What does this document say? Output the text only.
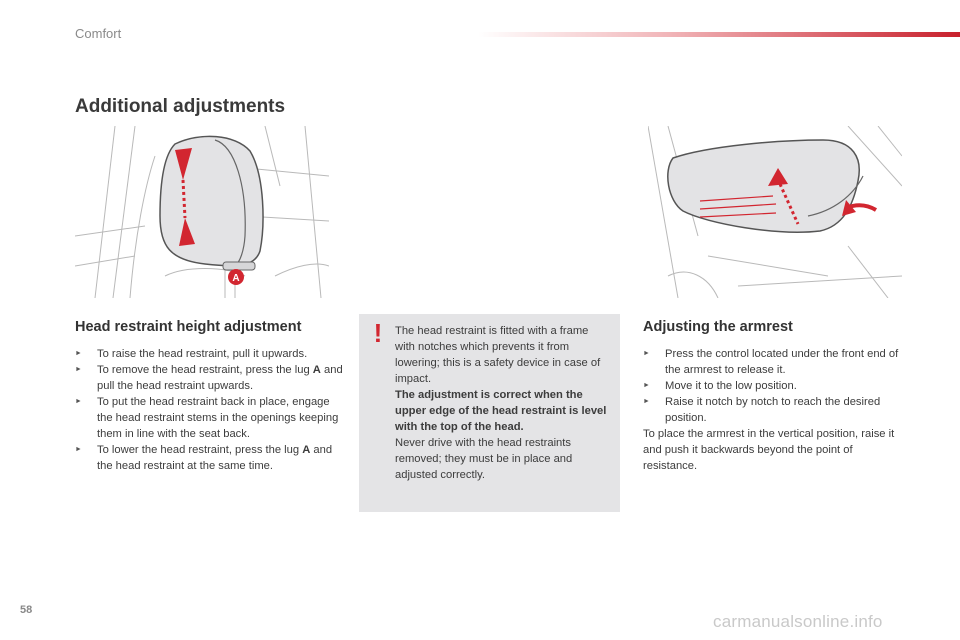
Comfort
Additional adjustments
A
Head restraint height adjustment
► To raise the head restraint, pull it upwards.
► To remove the head restraint, press the lug A and pull the head restraint upwards.
► To put the head restraint back in place, engage the head restraint stems in the openings keeping them in line with the seat back.
► To lower the head restraint, press the lug A and the head restraint at the same time.
!	The head restraint is fitted with a frame with notches which prevents it from lowering; this is a safety device in case of impact.

The adjustment is correct when the upper edge of the head restraint is level with the top of the head.

Never drive with the head restraints removed; they must be in place and adjusted correctly.

Adjusting the armrest
► Press the control located under the front end of the armrest to release it.
► Move it to the low position.
► Raise it notch by notch to reach the desired position.
To place the armrest in the vertical position, raise it and push it backwards beyond the point of resistance.
58
carmanualsonline.info
